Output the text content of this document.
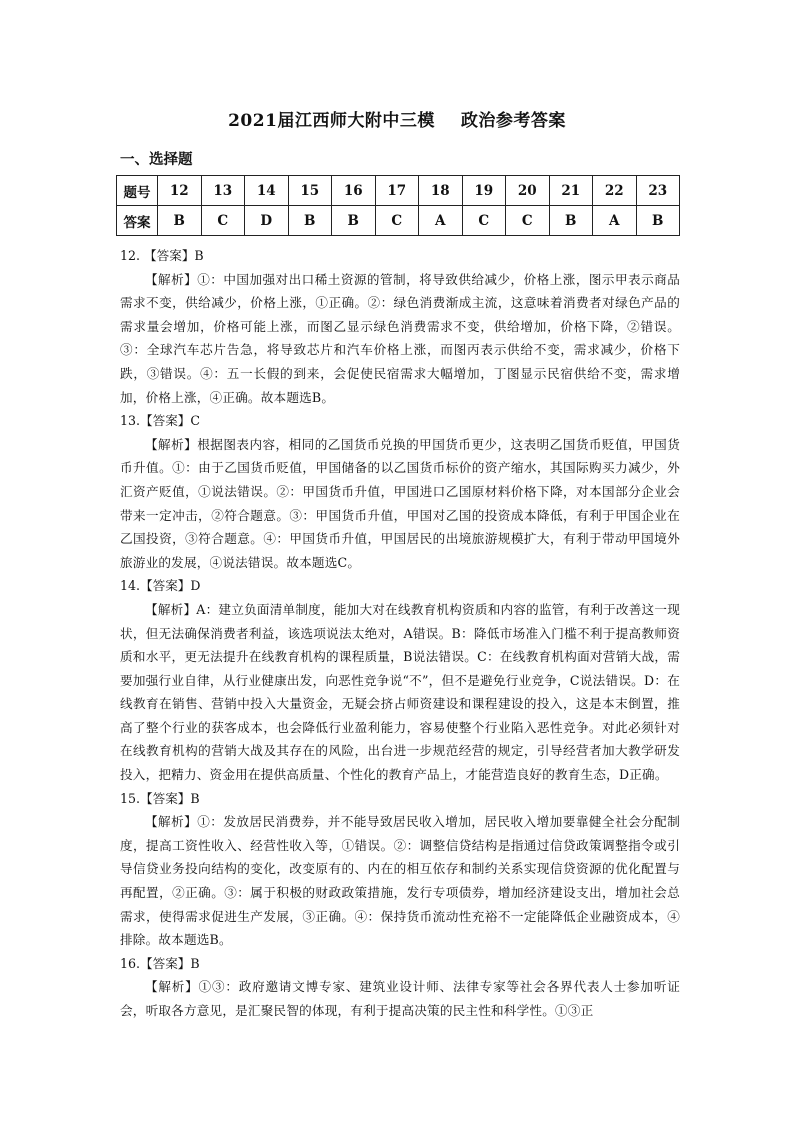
2021届江西师大附中三模 政治参考答案
一、选择题
题号	12	13	14	15	16	17	18	19	20	21	22	23
答案	B	C	D	B	B	C	A	C	C	B	A	B

12. 【答案】B

【解析】①：中国加强对出口稀土资源的管制，将导致供给减少，价格上涨，图示甲表示商品需求不变，供给减少，价格上涨，①正确。②：绿色消费渐成主流，这意味着消费者对绿色产品的需求量会增加，价格可能上涨，而图乙显示绿色消费需求不变，供给增加，价格下降，②错误。③：全球汽车芯片告急，将导致芯片和汽车价格上涨，而图丙表示供给不变，需求减少，价格下跌，③错误。④：五一长假的到来，会促使民宿需求大幅增加，丁图显示民宿供给不变，需求增加，价格上涨，④正确。故本题选B。

13.【答案】C

【解析】根据图表内容，相同的乙国货币兑换的甲国货币更少，这表明乙国货币贬值，甲国货币升值。①：由于乙国货币贬值，甲国储备的以乙国货币标价的资产缩水，其国际购买力减少，外汇资产贬值，①说法错误。②：甲国货币升值，甲国进口乙国原材料价格下降，对本国部分企业会带来一定冲击，②符合题意。③：甲国货币升值，甲国对乙国的投资成本降低，有利于甲国企业在乙国投资，③符合题意。④：甲国货币升值，甲国居民的出境旅游规模扩大，有利于带动甲国境外旅游业的发展，④说法错误。故本题选C。

14.【答案】D

【解析】A：建立负面清单制度，能加大对在线教育机构资质和内容的监管，有利于改善这一现状，但无法确保消费者利益，该选项说法太绝对，A错误。B：降低市场准入门槛不利于提高教师资质和水平，更无法提升在线教育机构的课程质量，B说法错误。C：在线教育机构面对营销大战，需要加强行业自律，从行业健康出发，向恶性竞争说“不”，但不是避免行业竞争，C说法错误。D：在线教育在销售、营销中投入大量资金，无疑会挤占师资建设和课程建设的投入，这是本末倒置，推高了整个行业的获客成本，也会降低行业盈利能力，容易使整个行业陷入恶性竞争。对此必须针对在线教育机构的营销大战及其存在的风险，出台进一步规范经营的规定，引导经营者加大教学研发投入，把精力、资金用在提供高质量、个性化的教育产品上，才能营造良好的教育生态，D正确。

15.【答案】B

【解析】①：发放居民消费券，并不能导致居民收入增加，居民收入增加要靠健全社会分配制度，提高工资性收入、经营性收入等，①错误。②：调整信贷结构是指通过信贷政策调整指令或引导信贷业务投向结构的变化，改变原有的、内在的相互依存和制约关系实现信贷资源的优化配置与再配置，②正确。③：属于积极的财政政策措施，发行专项债券，增加经济建设支出，增加社会总需求，使得需求促进生产发展，③正确。④：保持货币流动性充裕不一定能降低企业融资成本，④排除。故本题选B。

16.【答案】B

【解析】①③：政府邀请文博专家、建筑业设计师、法律专家等社会各界代表人士参加听证会，听取各方意见，是汇聚民智的体现，有利于提高决策的民主性和科学性。①③正
